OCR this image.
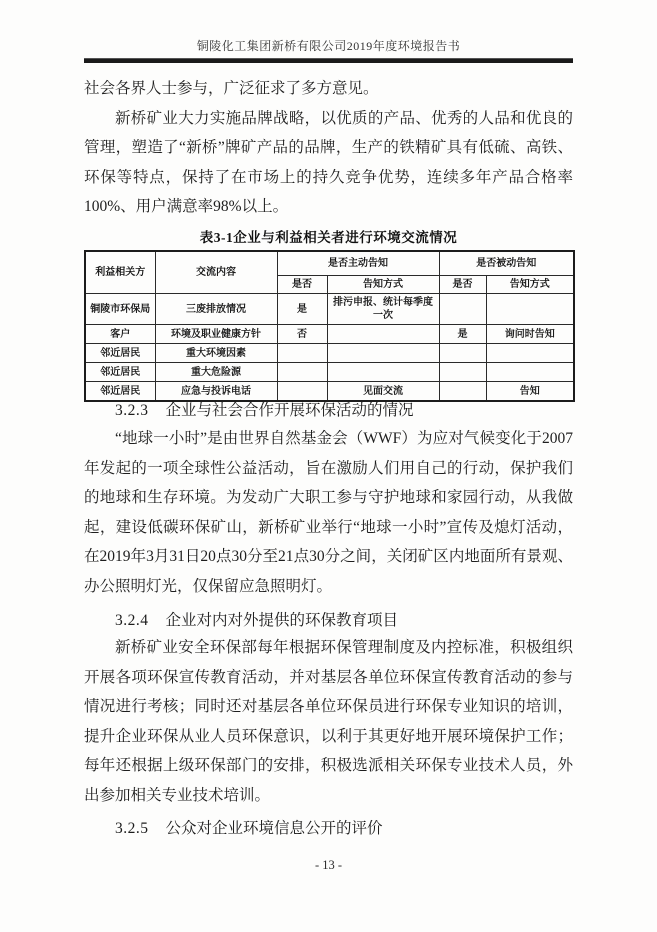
铜陵化工集团新桥有限公司2019年度环境报告书
社会各界人士参与，广泛征求了多方意见。
新桥矿业大力实施品牌战略，以优质的产品、优秀的人品和优良的管理，塑造了“新桥”牌矿产品的品牌，生产的铁精矿具有低硫、高铁、环保等特点，保持了在市场上的持久竞争优势，连续多年产品合格率100%、用户满意率98%以上。
表3-1企业与利益相关者进行环境交流情况
利益相关方	交流内容	是否主动告知		是否被动告知	
		是否	告知方式	是否	告知方式
铜陵市环保局	三废排放情况	是	排污申报、统计每季度一次		
客户	环境及职业健康方针	否		是	询问时告知
邻近居民	重大环境因素				
邻近居民	重大危险源				
邻近居民	应急与投诉电话		见面交流		告知
3.2.3 企业与社会合作开展环保活动的情况
“地球一小时”是由世界自然基金会（WWF）为应对气候变化于2007年发起的一项全球性公益活动，旨在激励人们用自己的行动，保护我们的地球和生存环境。为发动广大职工参与守护地球和家园行动，从我做起，建设低碳环保矿山，新桥矿业举行“地球一小时”宣传及熄灯活动，在2019年3月31日20点30分至21点30分之间，关闭矿区内地面所有景观、办公照明灯光，仅保留应急照明灯。
3.2.4 企业对内对外提供的环保教育项目
新桥矿业安全环保部每年根据环保管理制度及内控标准，积极组织开展各项环保宣传教育活动，并对基层各单位环保宣传教育活动的参与情况进行考核；同时还对基层各单位环保员进行环保专业知识的培训，提升企业环保从业人员环保意识，以利于其更好地开展环境保护工作；每年还根据上级环保部门的安排，积极选派相关环保专业技术人员，外出参加相关专业技术培训。
3.2.5 公众对企业环境信息公开的评价
- 13 -
